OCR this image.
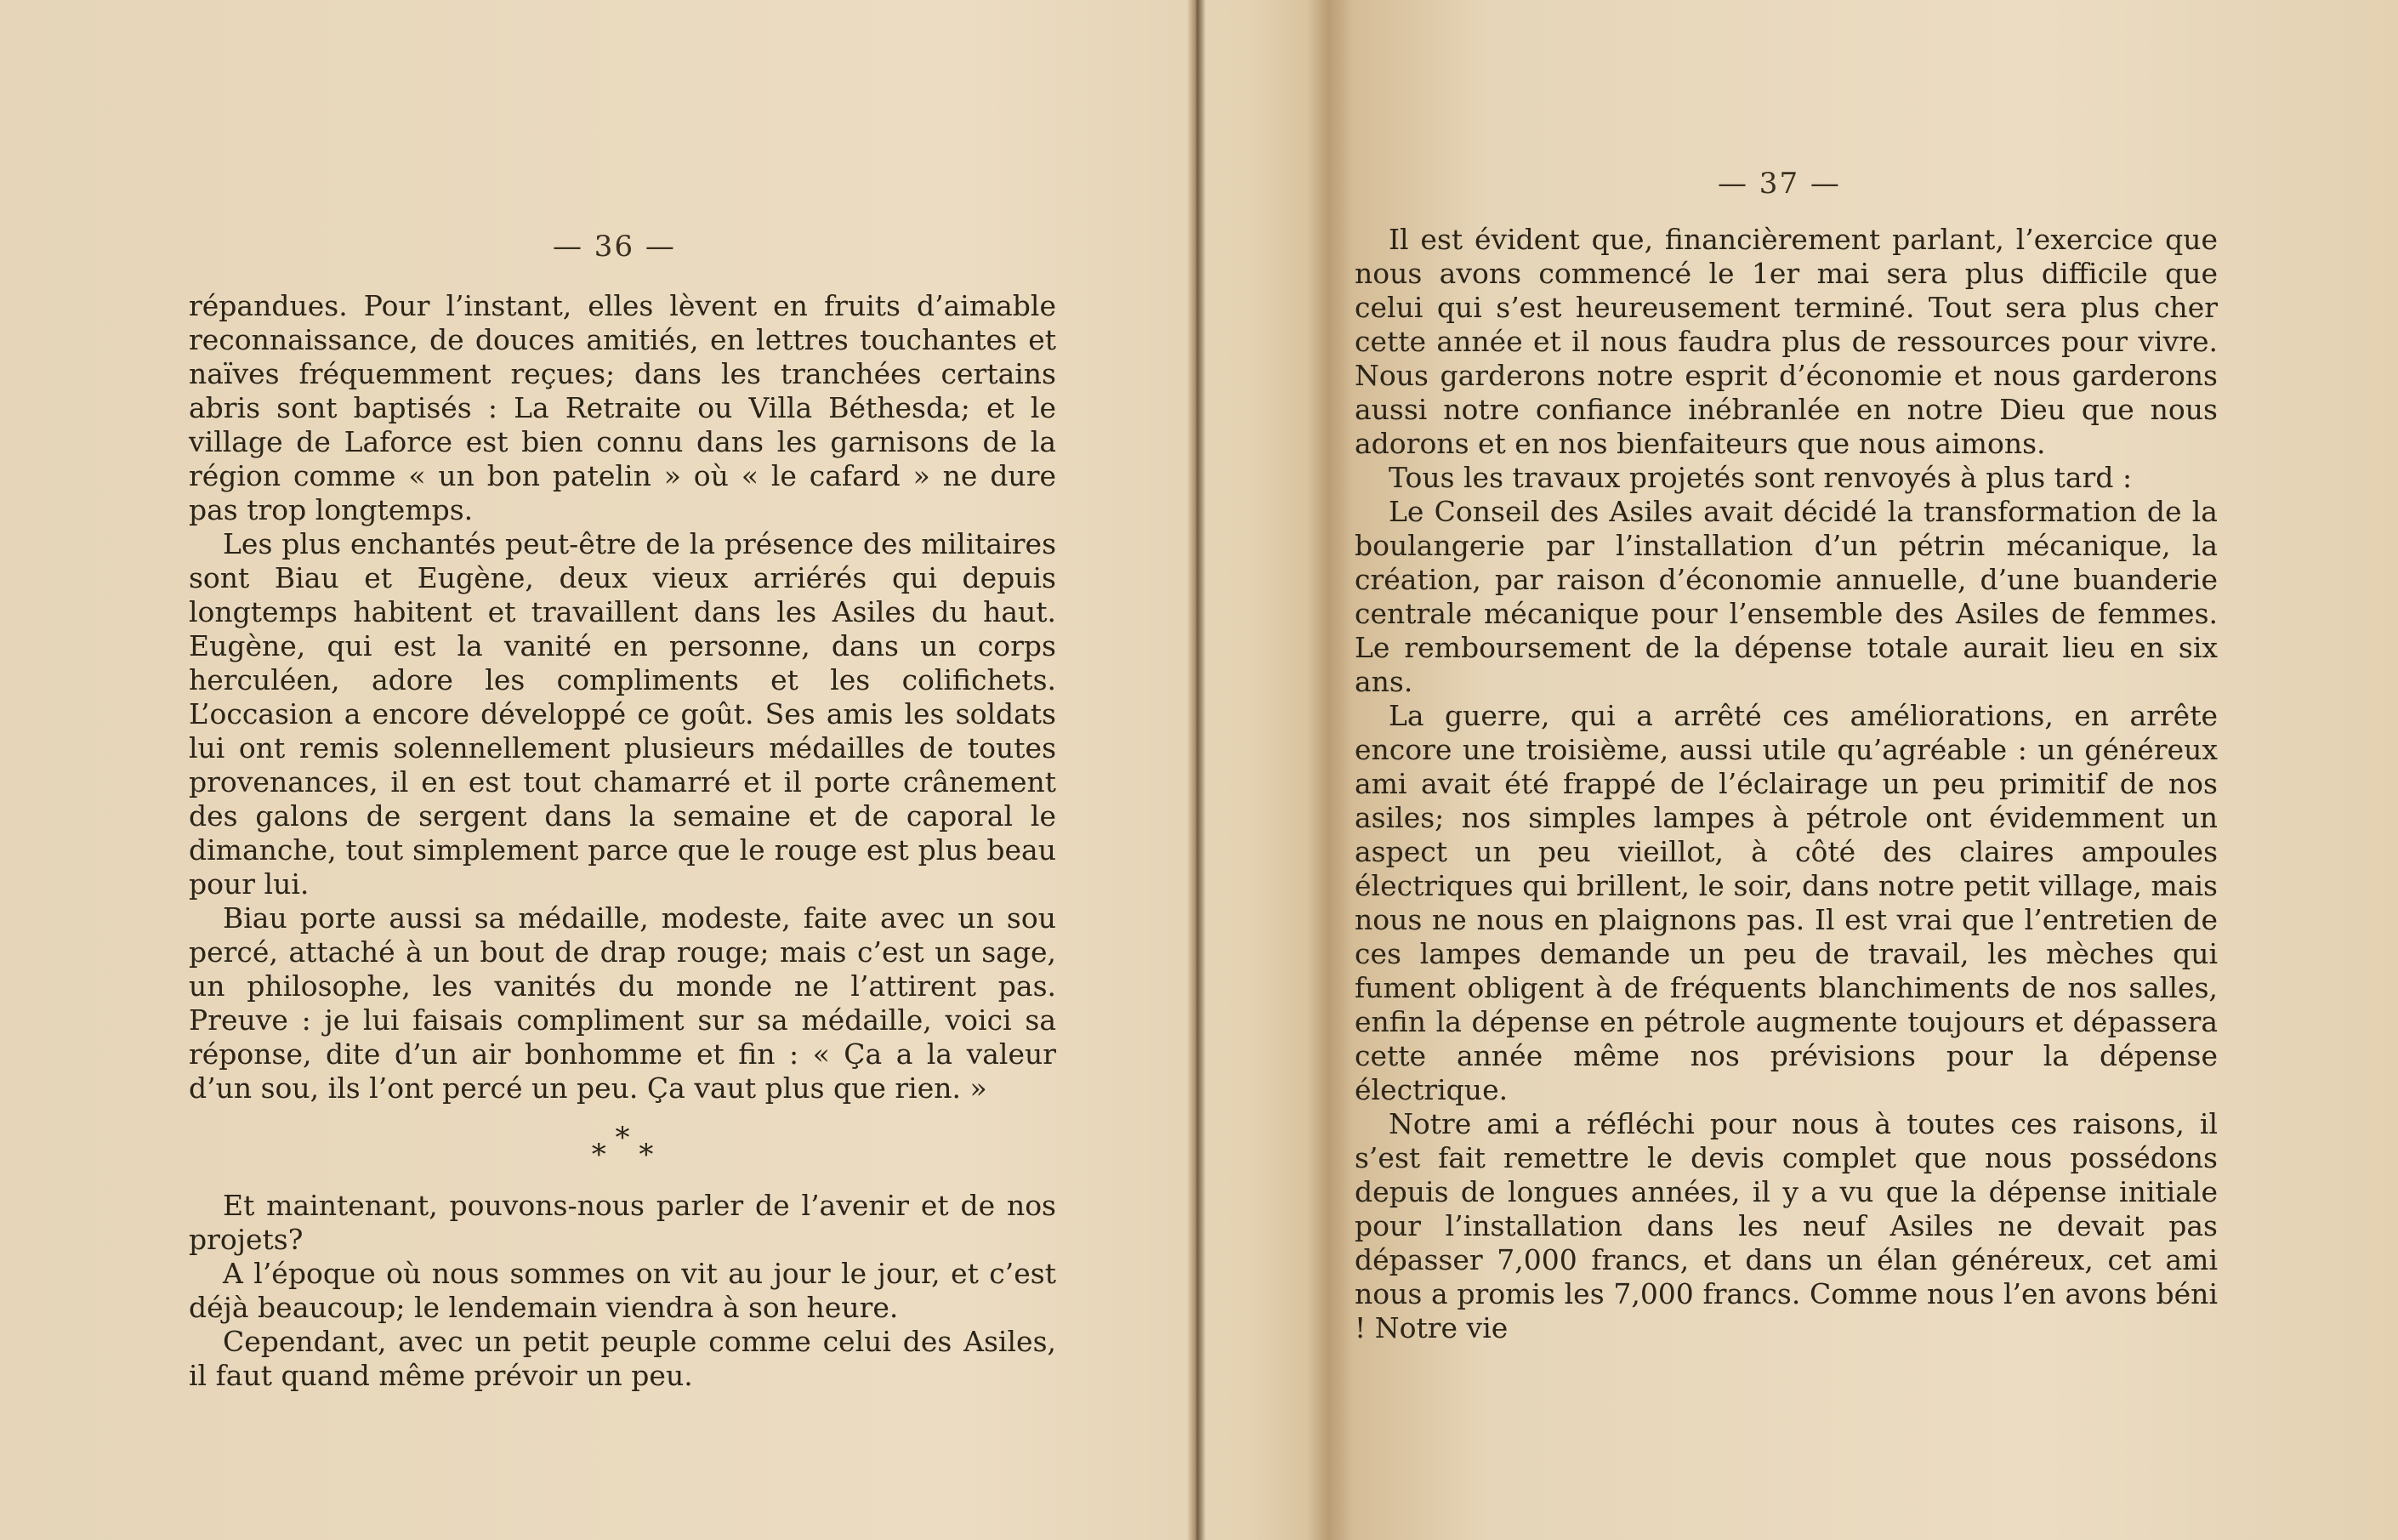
— 36 —

répandues. Pour l’instant, elles lèvent en fruits d’aimable reconnaissance, de douces amitiés, en lettres touchantes et naïves fréquemment reçues; dans les tranchées certains abris sont baptisés : La Retraite ou Villa Béthesda; et le village de Laforce est bien connu dans les garnisons de la région comme « un bon patelin » où « le cafard » ne dure pas trop longtemps.

Les plus enchantés peut-être de la présence des militaires sont Biau et Eugène, deux vieux arriérés qui depuis longtemps habitent et travaillent dans les Asiles du haut. Eugène, qui est la vanité en personne, dans un corps herculéen, adore les compliments et les colifichets. L’occasion a encore développé ce goût. Ses amis les soldats lui ont remis solennellement plusieurs médailles de toutes provenances, il en est tout chamarré et il porte crânement des galons de sergent dans la semaine et de caporal le dimanche, tout simplement parce que le rouge est plus beau pour lui.

Biau porte aussi sa médaille, modeste, faite avec un sou percé, attaché à un bout de drap rouge; mais c’est un sage, un philosophe, les vanités du monde ne l’attirent pas. Preuve : je lui faisais compliment sur sa médaille, voici sa réponse, dite d’un air bonhomme et fin : « Ça a la valeur d’un sou, ils l’ont percé un peu. Ça vaut plus que rien. »

* * *

Et maintenant, pouvons-nous parler de l’avenir et de nos projets?

A l’époque où nous sommes on vit au jour le jour, et c’est déjà beaucoup; le lendemain viendra à son heure.

Cependant, avec un petit peuple comme celui des Asiles, il faut quand même prévoir un peu.

— 37 —

Il est évident que, financièrement parlant, l’exercice que nous avons commencé le 1er mai sera plus difficile que celui qui s’est heureusement terminé. Tout sera plus cher cette année et il nous faudra plus de ressources pour vivre. Nous garderons notre esprit d’économie et nous garderons aussi notre confiance inébranlée en notre Dieu que nous adorons et en nos bienfaiteurs que nous aimons.

Tous les travaux projetés sont renvoyés à plus tard :

Le Conseil des Asiles avait décidé la transformation de la boulangerie par l’installation d’un pétrin mécanique, la création, par raison d’économie annuelle, d’une buanderie centrale mécanique pour l’ensemble des Asiles de femmes. Le remboursement de la dépense totale aurait lieu en six ans.

La guerre, qui a arrêté ces améliorations, en arrête encore une troisième, aussi utile qu’agréable : un généreux ami avait été frappé de l’éclairage un peu primitif de nos asiles; nos simples lampes à pétrole ont évidemment un aspect un peu vieillot, à côté des claires ampoules électriques qui brillent, le soir, dans notre petit village, mais nous ne nous en plaignons pas. Il est vrai que l’entretien de ces lampes demande un peu de travail, les mèches qui fument obligent à de fréquents blanchiments de nos salles, enfin la dépense en pétrole augmente toujours et dépassera cette année même nos prévisions pour la dépense électrique.

Notre ami a réfléchi pour nous à toutes ces raisons, il s’est fait remettre le devis complet que nous possédons depuis de longues années, il y a vu que la dépense initiale pour l’installation dans les neuf Asiles ne devait pas dépasser 7,000 francs, et dans un élan généreux, cet ami nous a promis les 7,000 francs. Comme nous l’en avons béni ! Notre vie
